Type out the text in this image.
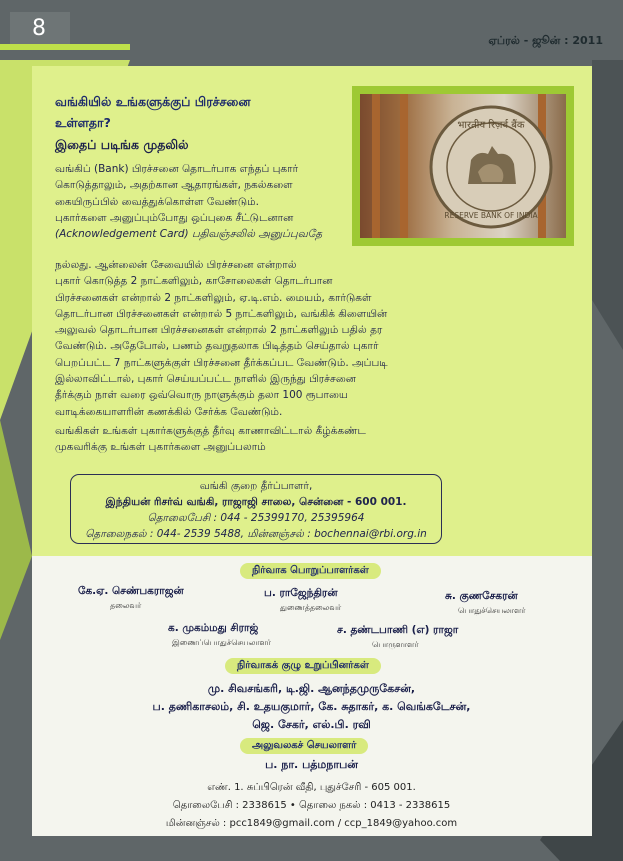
8	ஏப்ரல் - ஜூன் : 2011
வங்கியில் உங்களுக்குப் பிரச்சனை
உள்ளதா?
இதைப் படிங்க முதலில்
भारतीय रिज़र्व बैंक
RESERVE BANK OF INDIA

வங்கிப் (Bank) பிரச்சனை தொடர்பாக எந்தப் புகார்

கொடுத்தாலும், அதற்கான ஆதாரங்கள், நகல்களை

கையிருப்பில் வைத்துக்கொள்ள வேண்டும்.

புகார்களை அனுப்பும்போது ஒப்புகை சீட்டுடனான

(Acknowledgement Card) பதிவஞ்சலில் அனுப்புவதே

நல்லது. ஆன்லைன் சேவையில் பிரச்சனை என்றால்

புகார் கொடுத்த 2 நாட்களிலும், காசோலைகள் தொடர்பான

பிரச்சனைகள் என்றால் 2 நாட்களிலும், ஏ.டி.எம். மையம், கார்டுகள்

தொடர்பான பிரச்சனைகள் என்றால் 5 நாட்களிலும், வங்கிக் கிளையின்

அலுவல் தொடர்பான பிரச்சனைகள் என்றால் 2 நாட்களிலும் பதில் தர

வேண்டும். அதேபோல், பணம் தவறுதலாக பிடித்தம் செய்தால் புகார்

பெறப்பட்ட 7 நாட்களுக்குள் பிரச்சனை தீர்க்கப்பட வேண்டும். அப்படி

இல்லாவிட்டால், புகார் செய்யப்பட்ட நாளில் இருந்து பிரச்சனை

தீர்க்கும் நாள் வரை ஒவ்வொரு நாளுக்கும் தலா 100 ரூபாயை

வாடிக்கையாளரின் கணக்கில் சேர்க்க வேண்டும்.

வங்கிகள் உங்கள் புகார்களுக்குத் தீர்வு காணாவிட்டால் கீழ்க்கண்ட

முகவரிக்கு உங்கள் புகார்களை அனுப்பலாம்

வங்கி குறை தீர்ப்பாளர்,
இந்தியன் ரிசர்வ் வங்கி, ராஜாஜி சாலை, சென்னை - 600 001.
தொலைபேசி : 044 - 25399170, 25395964
தொலைநகல் : 044- 2539 5488, மின்னஞ்சல் : bochennai@rbi.org.in
நிர்வாக பொறுப்பாளர்கள்
கே.ஏ. செண்பகராஜன்
தலைவர்
ப. ராஜேந்திரன்
துணைத்தலைவர்
சு. குணசேகரன்
பொதுச்செயலாளர்
க. முகம்மது சிராஜ்
இணைப்பொதுச்செயலாளர்
ச. தண்டபாணி (எ) ராஜா
பொருளாளர்
நிர்வாகக் குழு உறுப்பினர்கள்
மு. சிவசங்கரி, டி.ஜி. ஆனந்தமுருகேசன்,
ப. தணிகாசலம், சி. உதயகுமார், கே. சுதாகர், க. வெங்கடேசன்,
ஜெ. சேகர், எல்.பி. ரவி
அலுவலகச் செயலாளர்
ப. நா. பத்மநாபன்
எண். 1. சுப்பிரென் வீதி, புதுச்சேரி - 605 001.
தொலைபேசி : 2338615 • தொலை நகல் : 0413 - 2338615
மின்னஞ்சல் : pcc1849@gmail.com / ccp_1849@yahoo.com
